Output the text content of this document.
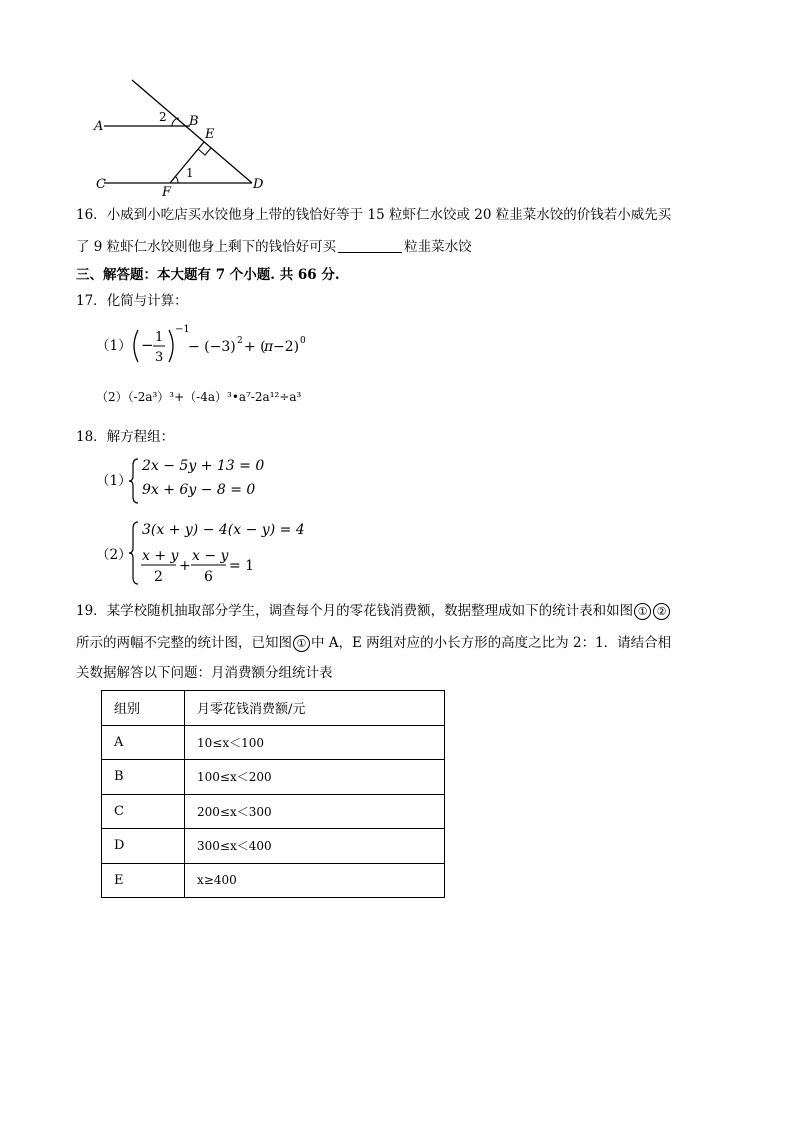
A	B
E
C
F
D
2
1
16．小威到小吃店买水饺他身上带的钱恰好等于 15 粒虾仁水饺或 20 粒韭菜水饺的价钱若小威先买
了 9 粒虾仁水饺则他身上剩下的钱恰好可买	粒韭菜水饺
三、解答题：本大题有 7 个小题. 共 66 分.
17．化简与计算：
（1） − 1
3
−1
− (−3) 2 + (
π −2) 0
（2）（-2a³）³+（-4a）³•a⁷-2a¹²÷a³
18．解方程组：
（1）
2x − 5y + 13 = 0
9x + 6y − 8 = 0
（2）
3(x + y) − 4(x − y) = 4
x + y
2
+
x − y
6
= 1
19．某学校随机抽取部分学生，调查每个月的零花钱消费额，数据整理成如下的统计表和如图 ① ②
所示的两幅不完整的统计图，已知图 ① 中 A，E 两组对应的小长方形的高度之比为 2：1．请结合相
关数据解答以下问题：月消费额分组统计表
组别	月零花钱消费额/元
A	10≤x＜100
B	100≤x＜200
C	200≤x＜300
D	300≤x＜400
E	x≥400
